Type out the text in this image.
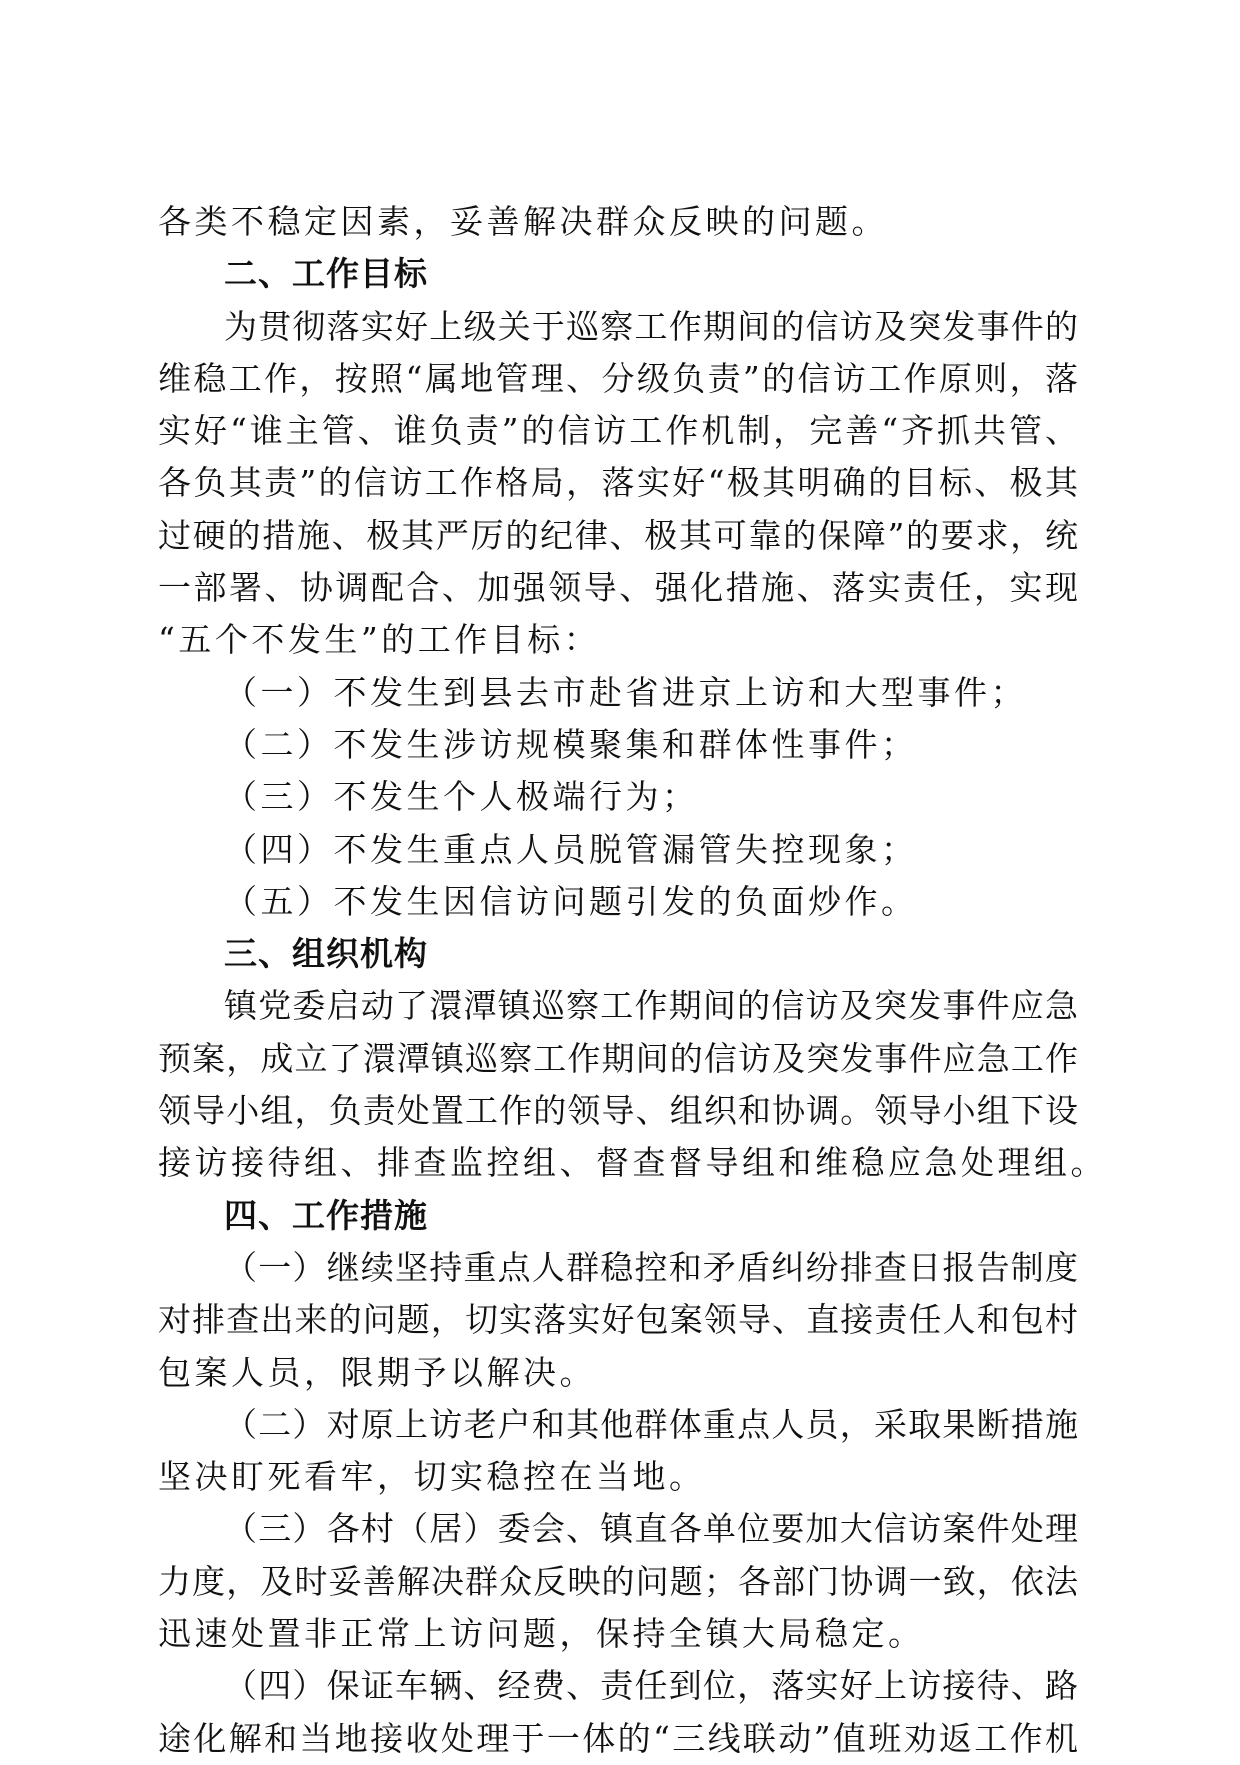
各类不稳定因素，妥善解决群众反映的问题。
二、工作目标
为贯彻落实好上级关于巡察工作期间的信访及突发事件的
维稳工作，按照“属地管理、分级负责”的信访工作原则，落
实好“谁主管、谁负责”的信访工作机制，完善“齐抓共管、
各负其责”的信访工作格局，落实好“极其明确的目标、极其
过硬的措施、极其严厉的纪律、极其可靠的保障”的要求，统
一部署、协调配合、加强领导、强化措施、落实责任，实现
“五个不发生”的工作目标：
（一）不发生到县去市赴省进京上访和大型事件；
（二）不发生涉访规模聚集和群体性事件；
（三）不发生个人极端行为；
（四）不发生重点人员脱管漏管失控现象；
（五）不发生因信访问题引发的负面炒作。
三、组织机构
镇党委启动了澴潭镇巡察工作期间的信访及突发事件应急
预案，成立了澴潭镇巡察工作期间的信访及突发事件应急工作
领导小组，负责处置工作的领导、组织和协调。领导小组下设
接访接待组、排查监控组、督查督导组和维稳应急处理组。
四、工作措施
（一）继续坚持重点人群稳控和矛盾纠纷排查日报告制度
对排查出来的问题，切实落实好包案领导、直接责任人和包村
包案人员，限期予以解决。
（二）对原上访老户和其他群体重点人员，采取果断措施
坚决盯死看牢，切实稳控在当地。
（三）各村（居）委会、镇直各单位要加大信访案件处理
力度，及时妥善解决群众反映的问题；各部门协调一致，依法
迅速处置非正常上访问题，保持全镇大局稳定。
（四）保证车辆、经费、责任到位，落实好上访接待、路
途化解和当地接收处理于一体的“三线联动”值班劝返工作机
